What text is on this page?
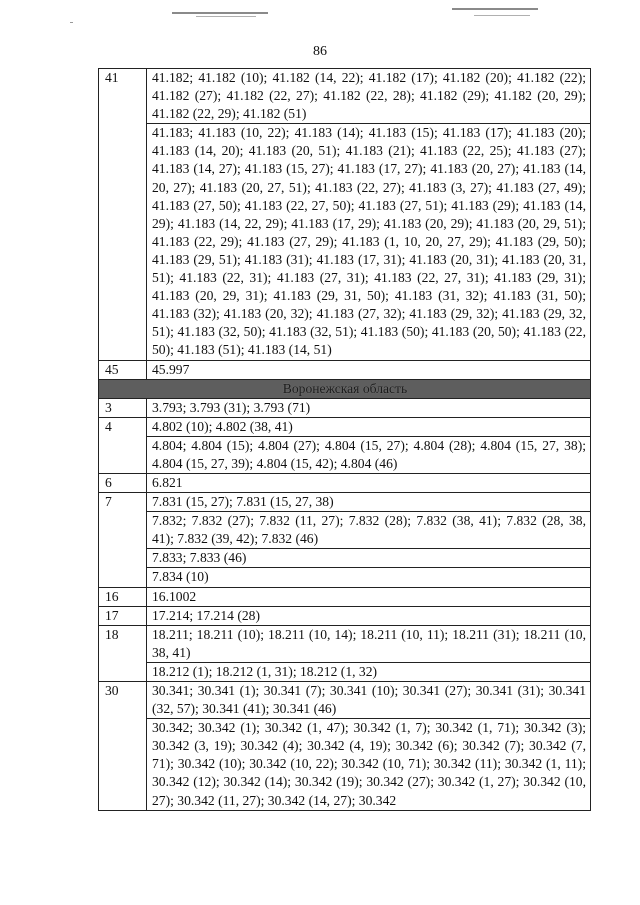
86
41	41.182; 41.182 (10); 41.182 (14, 22); 41.182 (17); 41.182 (20); 41.182 (22); 41.182 (27); 41.182 (22, 27); 41.182 (22, 28); 41.182 (29); 41.182 (20, 29); 41.182 (22, 29); 41.182 (51)
	41.183; 41.183 (10, 22); 41.183 (14); 41.183 (15); 41.183 (17); 41.183 (20); 41.183 (14, 20); 41.183 (20, 51); 41.183 (21); 41.183 (22, 25); 41.183 (27); 41.183 (14, 27); 41.183 (15, 27); 41.183 (17, 27); 41.183 (20, 27); 41.183 (14, 20, 27); 41.183 (20, 27, 51); 41.183 (22, 27); 41.183 (3, 27); 41.183 (27, 49); 41.183 (27, 50); 41.183 (22, 27, 50); 41.183 (27, 51); 41.183 (29); 41.183 (14, 29); 41.183 (14, 22, 29); 41.183 (17, 29); 41.183 (20, 29); 41.183 (20, 29, 51); 41.183 (22, 29); 41.183 (27, 29); 41.183 (1, 10, 20, 27, 29); 41.183 (29, 50); 41.183 (29, 51); 41.183 (31); 41.183 (17, 31); 41.183 (20, 31); 41.183 (20, 31, 51); 41.183 (22, 31); 41.183 (27, 31); 41.183 (22, 27, 31); 41.183 (29, 31); 41.183 (20, 29, 31); 41.183 (29, 31, 50); 41.183 (31, 32); 41.183 (31, 50); 41.183 (32); 41.183 (20, 32); 41.183 (27, 32); 41.183 (29, 32); 41.183 (29, 32, 51); 41.183 (32, 50); 41.183 (32, 51); 41.183 (50); 41.183 (20, 50); 41.183 (22, 50); 41.183 (51); 41.183 (14, 51)
45	45.997
Воронежская область	
3	3.793; 3.793 (31); 3.793 (71)
4	4.802 (10); 4.802 (38, 41)
	4.804; 4.804 (15); 4.804 (27); 4.804 (15, 27); 4.804 (28); 4.804 (15, 27, 38); 4.804 (15, 27, 39); 4.804 (15, 42); 4.804 (46)
6	6.821
7	7.831 (15, 27); 7.831 (15, 27, 38)
	7.832; 7.832 (27); 7.832 (11, 27); 7.832 (28); 7.832 (38, 41); 7.832 (28, 38, 41); 7.832 (39, 42); 7.832 (46)
	7.833; 7.833 (46)
	7.834 (10)
16	16.1002
17	17.214; 17.214 (28)
18	18.211; 18.211 (10); 18.211 (10, 14); 18.211 (10, 11); 18.211 (31); 18.211 (10, 38, 41)
	18.212 (1); 18.212 (1, 31); 18.212 (1, 32)
30	30.341; 30.341 (1); 30.341 (7); 30.341 (10); 30.341 (27); 30.341 (31); 30.341 (32, 57); 30.341 (41); 30.341 (46)
	30.342; 30.342 (1); 30.342 (1, 47); 30.342 (1, 7); 30.342 (1, 71); 30.342 (3); 30.342 (3, 19); 30.342 (4); 30.342 (4, 19); 30.342 (6); 30.342 (7); 30.342 (7, 71); 30.342 (10); 30.342 (10, 22); 30.342 (10, 71); 30.342 (11); 30.342 (1, 11); 30.342 (12); 30.342 (14); 30.342 (19); 30.342 (27); 30.342 (1, 27); 30.342 (10, 27); 30.342 (11, 27); 30.342 (14, 27); 30.342
